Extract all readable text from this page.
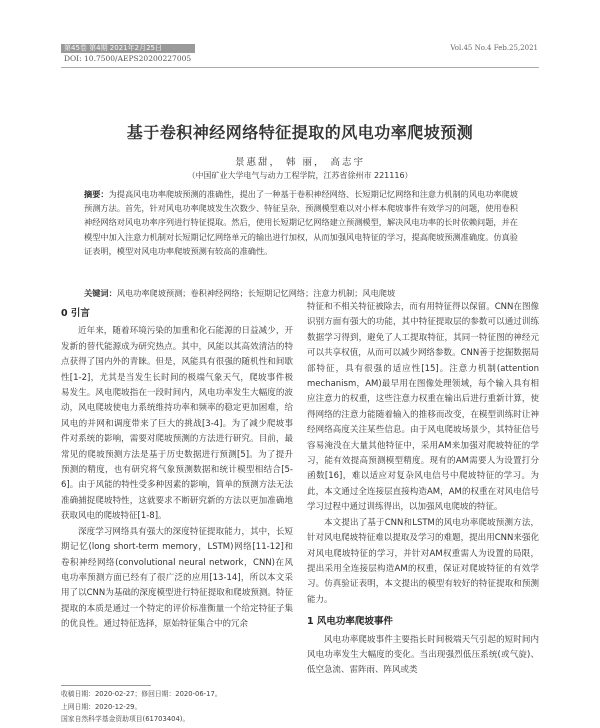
第45卷 第4期 2021年2月25日	Vol.45 No.4 Feb.25,2021
DOI: 10.7500/AEPS20200227005
基于卷积神经网络特征提取的风电功率爬坡预测
景惠甜， 韩 丽， 高志宇
（中国矿业大学电气与动力工程学院，江苏省徐州市 221116）
摘要：为提高风电功率爬坡预测的准确性，提出了一种基于卷积神经网络、长短期记忆网络和注意力机制的风电功率爬坡预测方法。首先，针对风电功率爬坡发生次数少、特征呈杂、预测模型难以对小样本爬坡事件有效学习的问题，使用卷积神经网络对风电功率序列进行特征提取。然后，使用长短期记忆网络建立预测模型，解决风电功率的长时依赖问题，并在模型中加入注意力机制对长短期记忆网络单元的输出进行加权，从而加强风电特征的学习，提高爬坡预测准确度。仿真验证表明，模型对风电功率爬坡预测有较高的准确性。
关键词：风电功率爬坡预测；卷积神经网络；长短期记忆网络；注意力机制；风电爬坡
0 引言

近年来，随着环境污染的加重和化石能源的日益减少，开发新的替代能源成为研究热点。其中，风能以其高效清洁的特点获得了国内外的青睐。但是，风能具有很强的随机性和间歇性[1-2]，尤其是当发生长时间的极端气象天气，爬坡事件极易发生。风电爬坡指在一段时间内，风电功率发生大幅度的波动，风电爬坡使电力系统维持功率和频率的稳定更加困难，给风电的并网和调度带来了巨大的挑战[3-4]。为了减少爬坡事件对系统的影响，需要对爬坡预测的方法进行研究。目前，最常见的爬坡预测方法是基于历史数据进行预测[5]。为了提升预测的精度，也有研究将气象预测数据和统计模型相结合[5-6]。由于风能的特性受多种因素的影响，简单的预测方法无法准确捕捉爬坡特性，这就要求不断研究新的方法以更加准确地获取风电的爬坡特征[1-8]。

深度学习网络具有强大的深度特征提取能力，其中，长短期记忆(long short-term memory，LSTM)网络[11-12]和卷积神经网络(convolutional neural network，CNN)在风电功率预测方面已经有了很广泛的应用[13-14]，所以本文采用了以CNN为基础的深度模型进行特征提取和爬坡预测。特征提取的本质是通过一个特定的评价标准衡量一个给定特征子集的优良性。通过特征选择，原始特征集合中的冗余

特征和不相关特征被除去，而有用特征得以保留。CNN在图像识别方面有强大的功能，其中特征提取层的参数可以通过训练数据学习得到，避免了人工提取特征，其同一特征图的神经元可以共享权值，从而可以减少网络参数。CNN善于挖掘数据局部特征，具有很强的适应性[15]。注意力机制(attention mechanism，AM)最早用在图像处理领域，每个输入具有相应注意力的权重，这些注意力权重在输出后进行重新计算，使得网络的注意力能随着输入的推移而改变，在模型训练时让神经网络高度关注某些信息。由于风电爬坡场景少，其特征信号容易淹没在大量其他特征中，采用AM来加强对爬坡特征的学习，能有效提高预测模型精度。现有的AM需要人为设置打分函数[16]，难以适应对复杂风电信号中爬坡特征的学习。为此，本文通过全连接层直接构造AM，AM的权重在对风电信号学习过程中通过训练得出，以加强风电爬坡的特征。

本文提出了基于CNN和LSTM的风电功率爬坡预测方法，针对风电爬坡特征难以提取及学习的难题，提出用CNN来强化对风电爬坡特征的学习，并针对AM权重需人为设置的局限，提出采用全连接层构造AM的权重，保证对爬坡特征的有效学习。仿真验证表明，本文提出的模型有较好的特征提取和预测能力。

1 风电功率爬坡事件

风电功率爬坡事件主要指长时间极端天气引起的短时间内风电功率发生大幅度的变化。当出现强烈低压系统(或气旋)、低空急流、雷阵雨、阵风或类

收稿日期：2020-02-27；修回日期：2020-06-17。
上网日期：2020-12-29。
国家自然科学基金资助项目(61703404)。
